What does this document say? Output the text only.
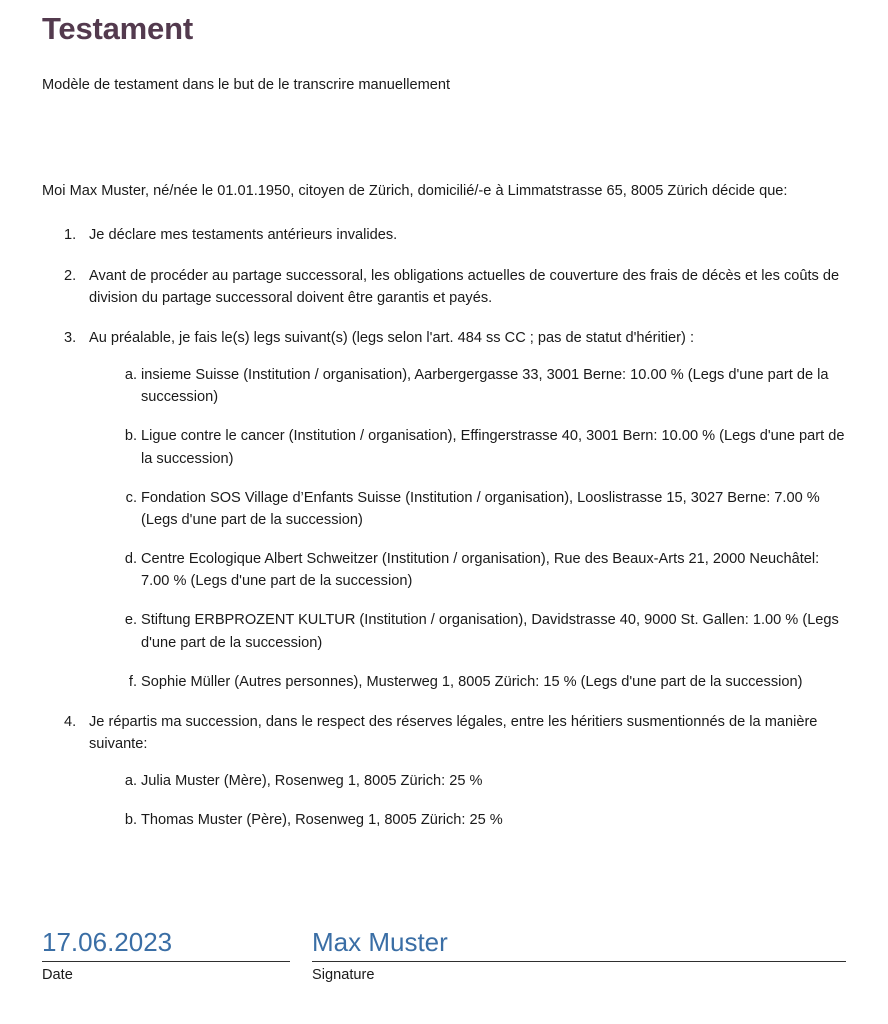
Testament

Modèle de testament dans le but de le transcrire manuellement

Moi Max Muster, né/née le 01.01.1950, citoyen de Zürich, domicilié/-e à Limmatstrasse 65, 8005 Zürich décide que:

Je déclare mes testaments antérieurs invalides.
Avant de procéder au partage successoral, les obligations actuelles de couverture des frais de décès et les coûts de division du partage successoral doivent être garantis et payés.
Au préalable, je fais le(s) legs suivant(s) (legs selon l'art. 484 ss CC ; pas de statut d'héritier) :
insieme Suisse (Institution / organisation), Aarbergergasse 33, 3001 Berne: 10.00 % (Legs d'une part de la succession)
Ligue contre le cancer (Institution / organisation), Effingerstrasse 40, 3001 Bern: 10.00 % (Legs d'une part de la succession)
Fondation SOS Village d’Enfants Suisse (Institution / organisation), Looslistrasse 15, 3027 Berne: 7.00 % (Legs d'une part de la succession)
Centre Ecologique Albert Schweitzer (Institution / organisation), Rue des Beaux-Arts 21, 2000 Neuchâtel: 7.00 % (Legs d'une part de la succession)
Stiftung ERBPROZENT KULTUR (Institution / organisation), Davidstrasse 40, 9000 St. Gallen: 1.00 % (Legs d'une part de la succession)
Sophie Müller (Autres personnes), Musterweg 1, 8005 Zürich: 15 % (Legs d'une part de la succession)
Je répartis ma succession, dans le respect des réserves légales, entre les héritiers susmentionnés de la manière suivante:
Julia Muster (Mère), Rosenweg 1, 8005 Zürich: 25 %
Thomas Muster (Père), Rosenweg 1, 8005 Zürich: 25 %
17.06.2023
Date
Max Muster
Signature
